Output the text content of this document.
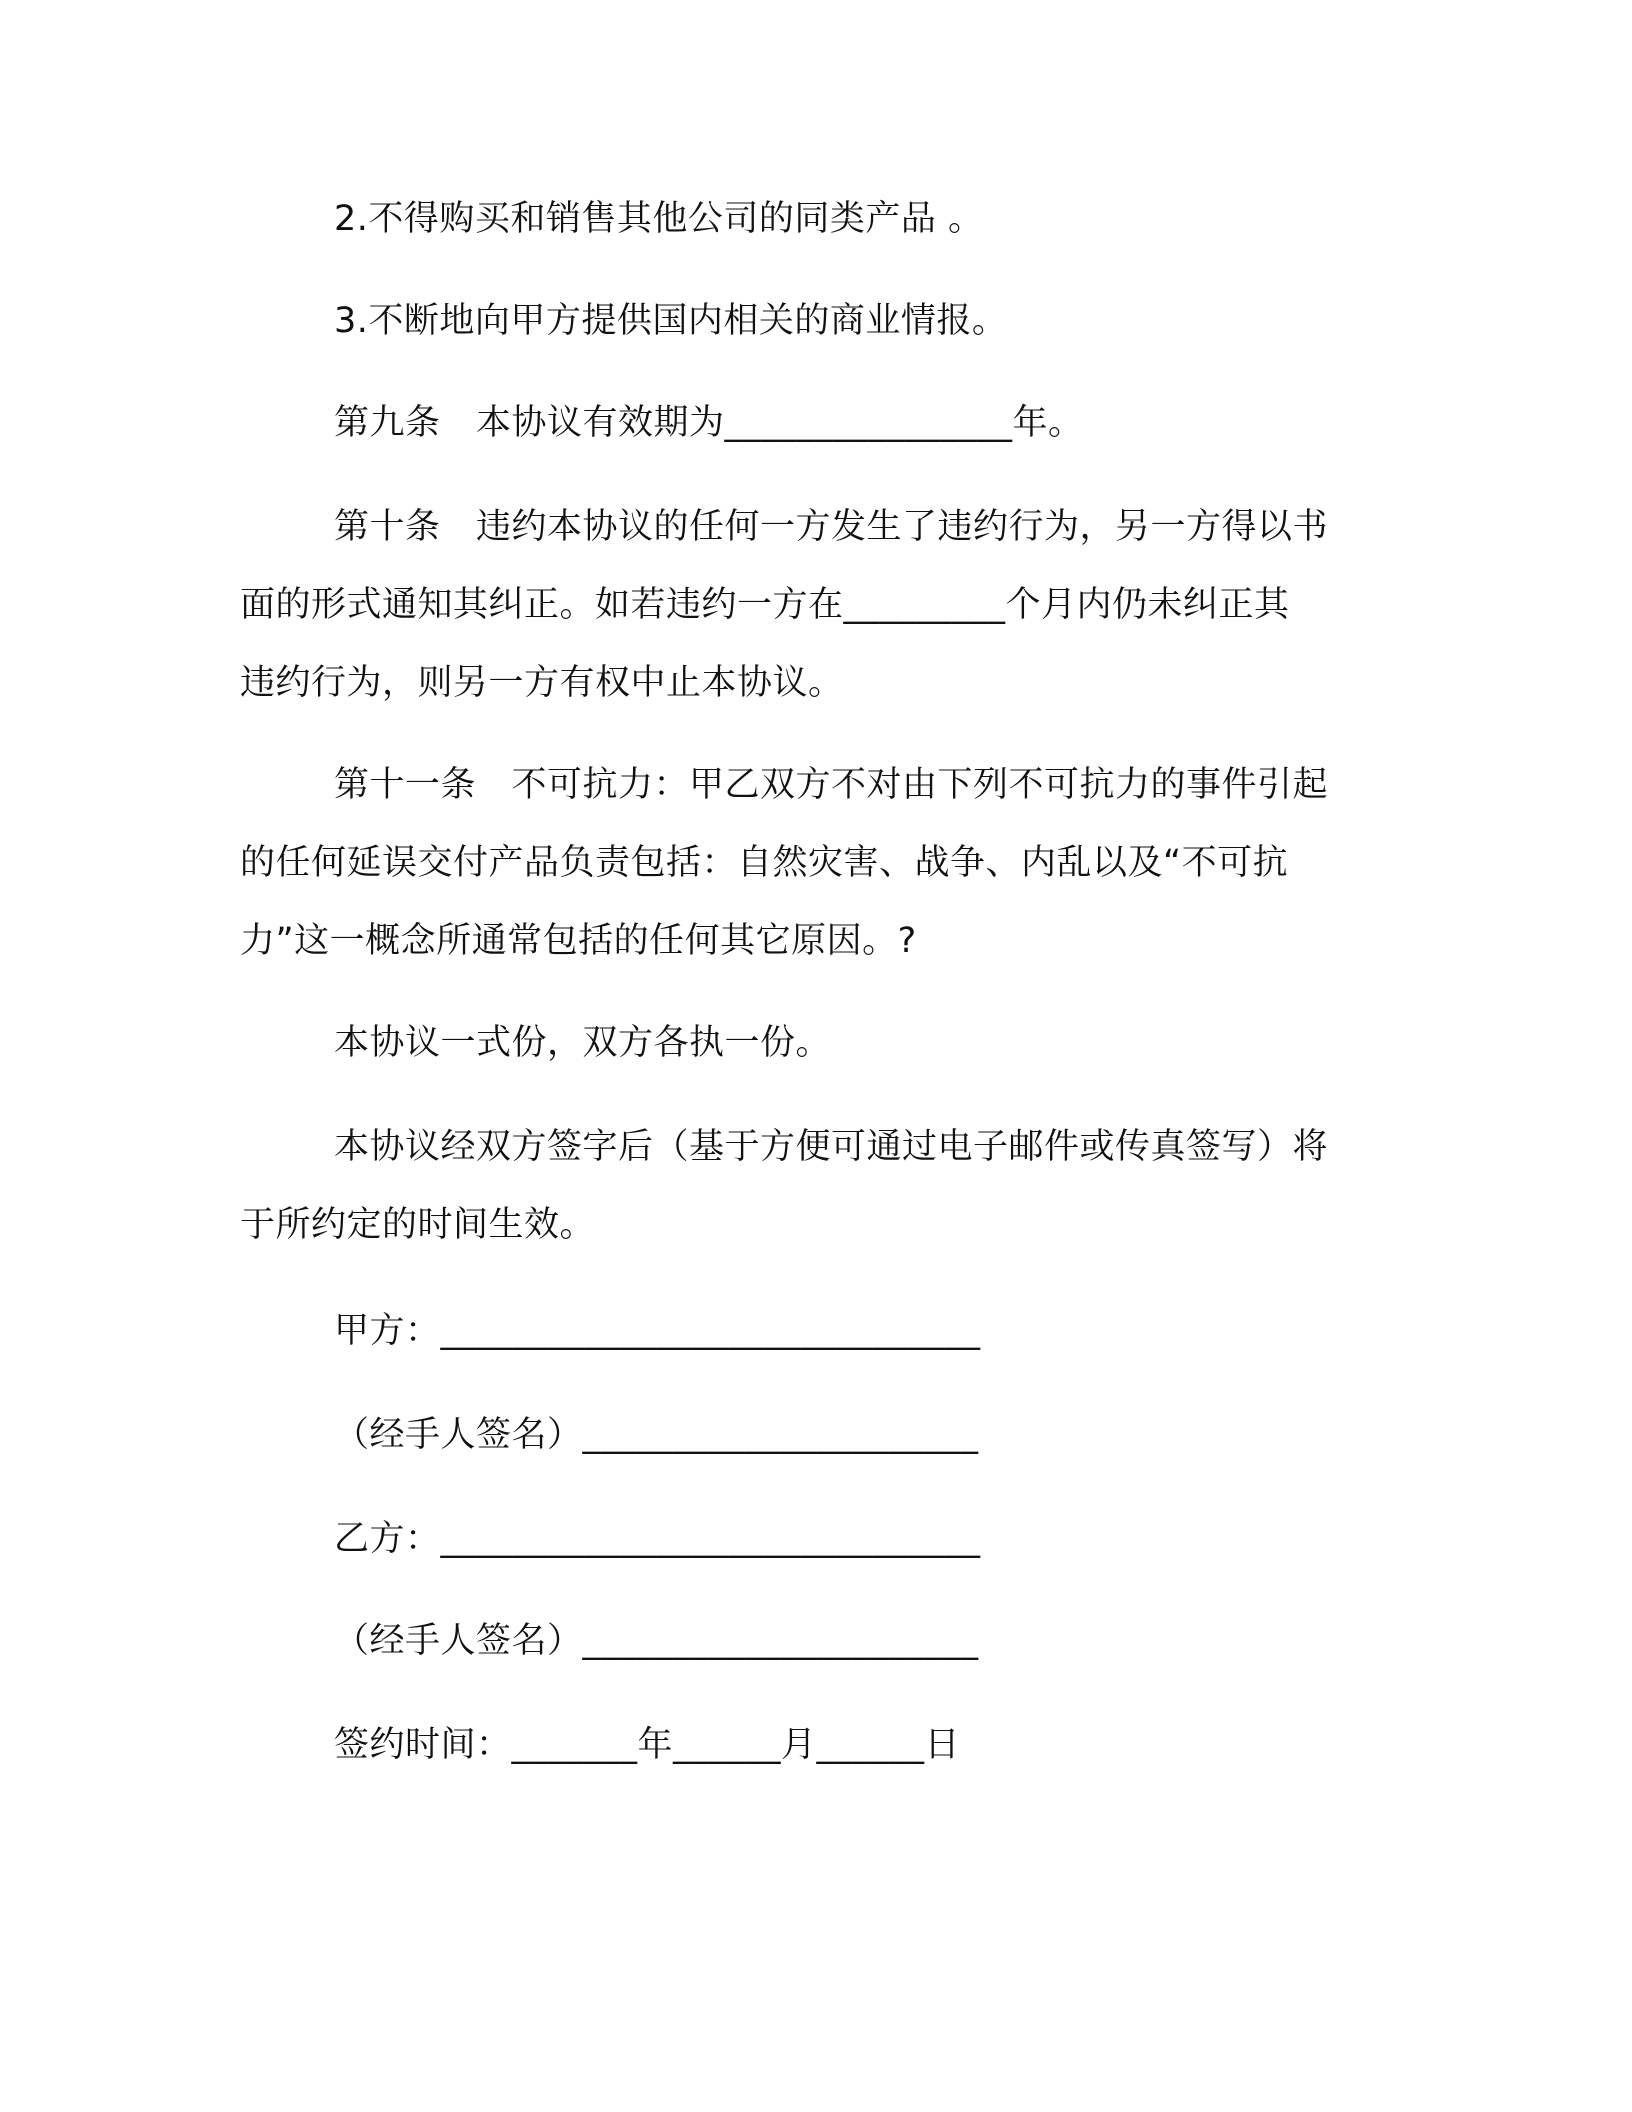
2.不得购买和销售其他公司的同类产品 。
3.不断地向甲方提供国内相关的商业情报。
第九条　本协议有效期为________________年。
第十条　违约本协议的任何一方发生了违约行为，另一方得以书
面的形式通知其纠正。如若违约一方在_________个月内仍未纠正其
违约行为，则另一方有权中止本协议。
第十一条　不可抗力：甲乙双方不对由下列不可抗力的事件引起
的任何延误交付产品负责包括：自然灾害、战争、内乱以及“不可抗
力”这一概念所通常包括的任何其它原因。?
本协议一式份，双方各执一份。
本协议经双方签字后（基于方便可通过电子邮件或传真签写）将
于所约定的时间生效。
甲方：______________________________
（经手人签名）______________________
乙方：______________________________
（经手人签名）______________________
签约时间：_______年______月______日
